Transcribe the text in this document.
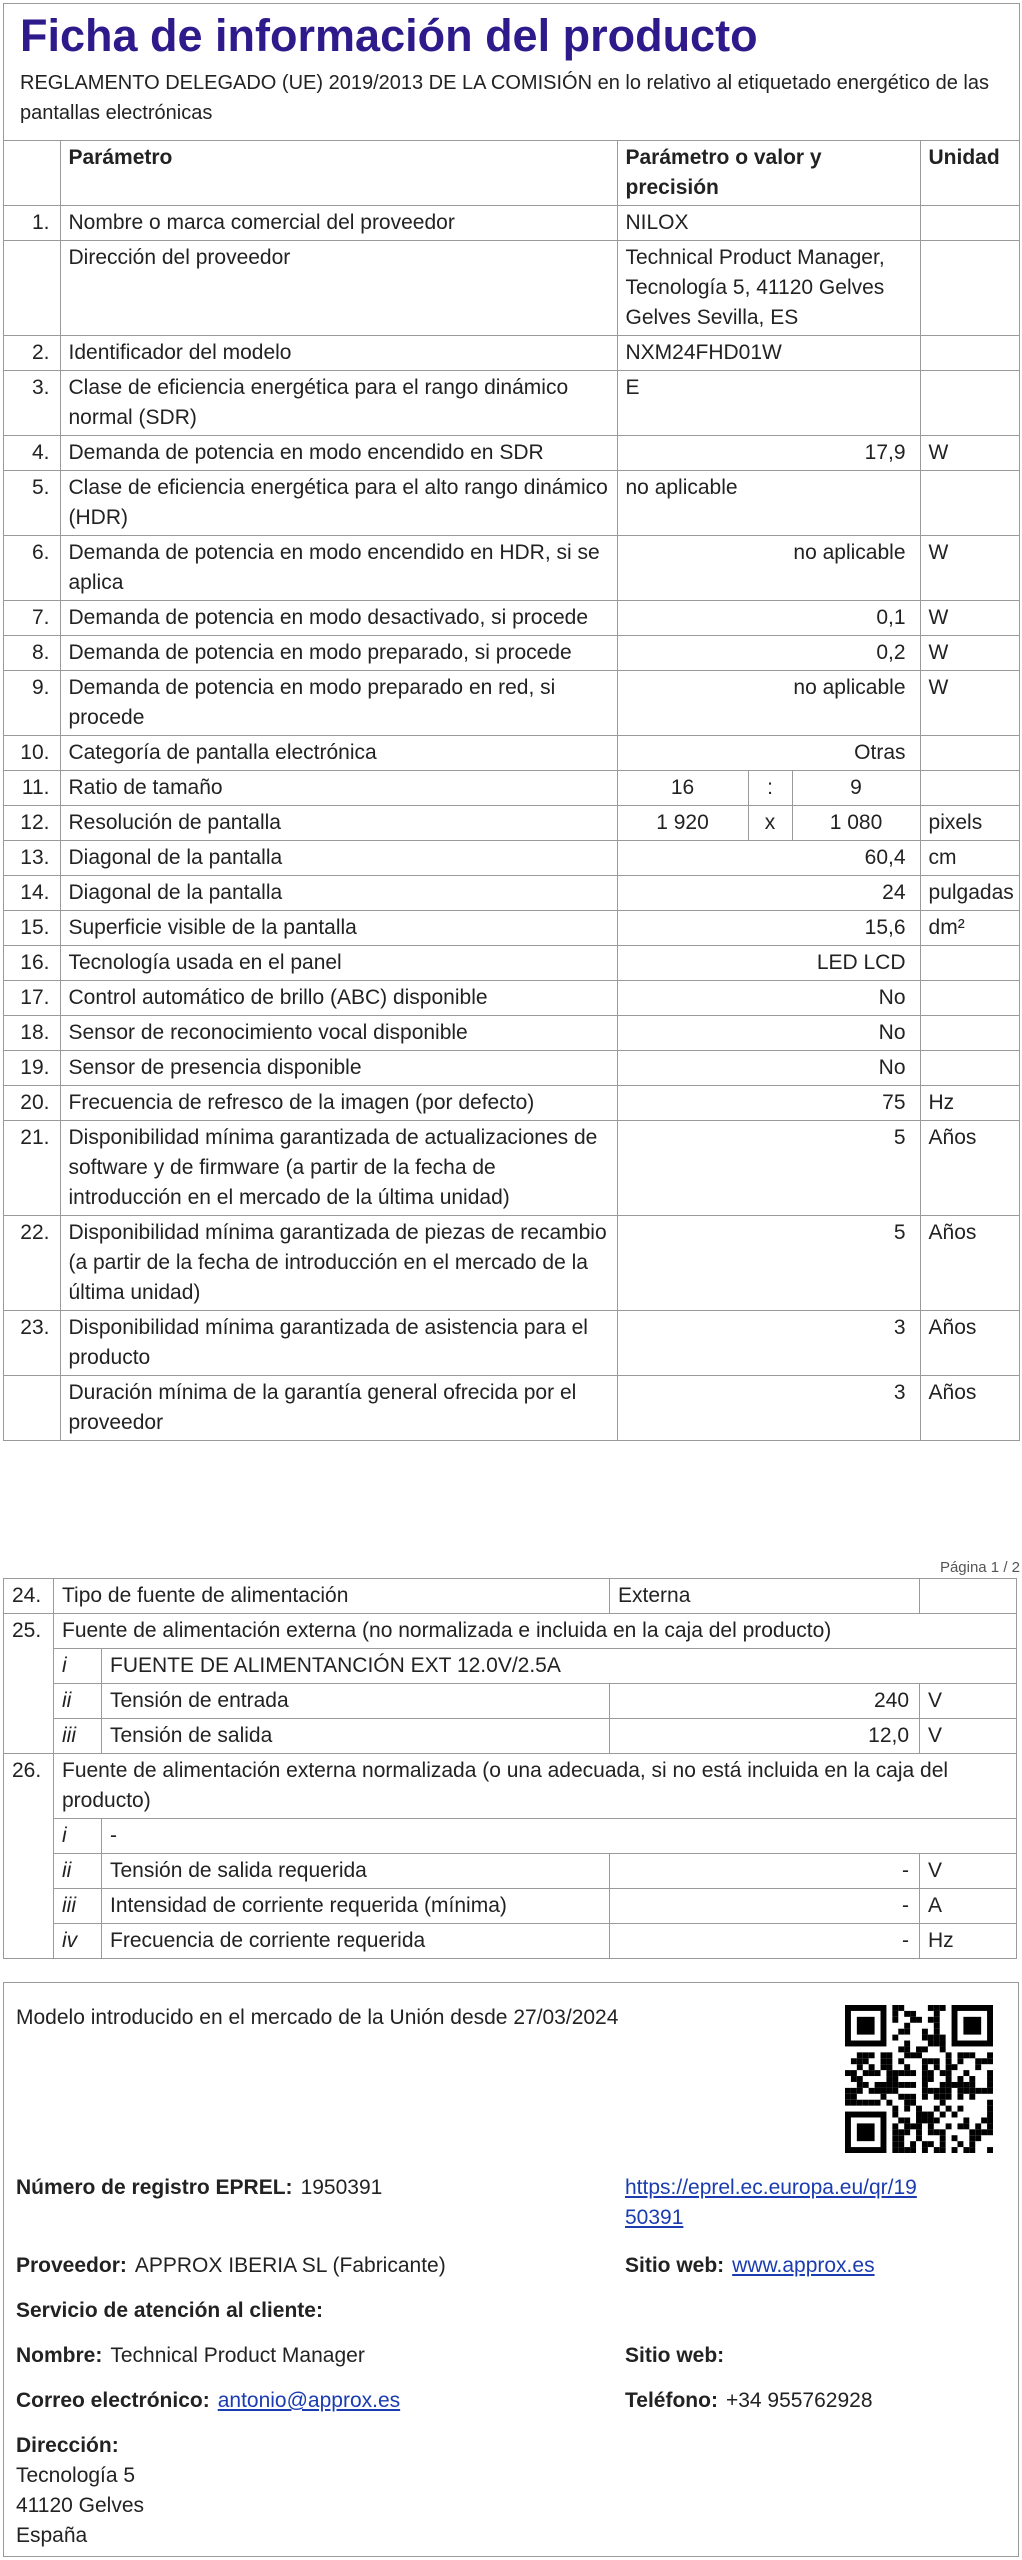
Ficha de información del producto
REGLAMENTO DELEGADO (UE) 2019/2013 DE LA COMISIÓN en lo relativo al etiquetado energético de las pantallas electrónicas
	Parámetro	Parámetro o valor y precisión			Unidad
1.	Nombre o marca comercial del proveedor	NILOX			
	Dirección del proveedor	Technical Product Manager, Tecnología 5, 41120 Gelves Gelves Sevilla, ES			
2.	Identificador del modelo	NXM24FHD01W			
3.	Clase de eficiencia energética para el rango dinámico normal (SDR)	E			
4.	Demanda de potencia en modo encendido en SDR	17,9			W
5.	Clase de eficiencia energética para el alto rango dinámico (HDR)	no aplicable			
6.	Demanda de potencia en modo encendido en HDR, si se aplica	no aplicable			W
7.	Demanda de potencia en modo desactivado, si procede	0,1			W
8.	Demanda de potencia en modo preparado, si procede	0,2			W
9.	Demanda de potencia en modo preparado en red, si procede	no aplicable			W
10.	Categoría de pantalla electrónica	Otras			
11.	Ratio de tamaño	16	:	9	
12.	Resolución de pantalla	1 920	x	1 080	pixels
13.	Diagonal de la pantalla	60,4			cm
14.	Diagonal de la pantalla	24			pulgadas
15.	Superficie visible de la pantalla	15,6			dm²
16.	Tecnología usada en el panel	LED LCD			
17.	Control automático de brillo (ABC) disponible	No			
18.	Sensor de reconocimiento vocal disponible	No			
19.	Sensor de presencia disponible	No			
20.	Frecuencia de refresco de la imagen (por defecto)	75			Hz
21.	Disponibilidad mínima garantizada de actualizaciones de software y de firmware (a partir de la fecha de introducción en el mercado de la última unidad)	5			Años
22.	Disponibilidad mínima garantizada de piezas de recambio (a partir de la fecha de introducción en el mercado de la última unidad)	5			Años
23.	Disponibilidad mínima garantizada de asistencia para el producto	3			Años
	Duración mínima de la garantía general ofrecida por el proveedor	3			Años
Página 1 / 2
24.	Tipo de fuente de alimentación		Externa	
25.	Fuente de alimentación externa (no normalizada e incluida en la caja del producto)			
	i	FUENTE DE ALIMENTANCIÓN EXT 12.0V/2.5A		
	ii	Tensión de entrada	240	V
	iii	Tensión de salida	12,0	V
26.	Fuente de alimentación externa normalizada (o una adecuada, si no está incluida en la caja del producto)			
	i	-		
	ii	Tensión de salida requerida	-	V
	iii	Intensidad de corriente requerida (mínima)	-	A
	iv	Frecuencia de corriente requerida	-	Hz
Modelo introducido en el mercado de la Unión desde 27/03/2024
Número de registro EPREL: 1950391	https://eprel.ec.europa.eu/qr/19
50391
Proveedor: APPROX IBERIA SL (Fabricante)	Sitio web: www.approx.es
Servicio de atención al cliente:
Nombre: Technical Product Manager	Sitio web:
Correo electrónico: antonio@approx.es	Teléfono: +34 955762928
Dirección:
Tecnología 5
41120 Gelves
España
